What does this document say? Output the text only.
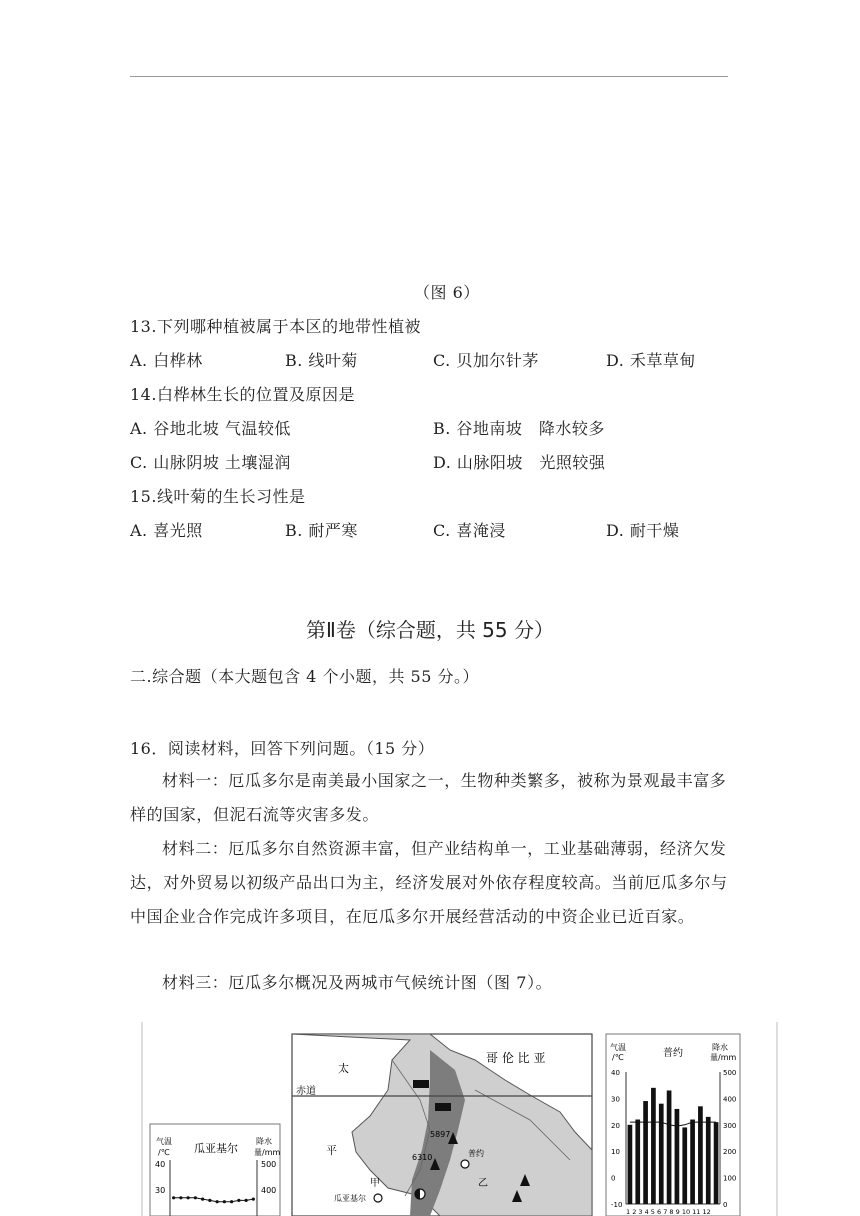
（图 6）
13.下列哪种植被属于本区的地带性植被
A. 白桦林	B. 线叶菊	C. 贝加尔针茅	D. 禾草草甸
14.白桦林生长的位置及原因是
A. 谷地北坡 气温较低	B. 谷地南坡　降水较多
C. 山脉阴坡 土壤湿润	D. 山脉阳坡　光照较强
15.线叶菊的生长习性是
A. 喜光照	B. 耐严寒	C. 喜淹浸	D. 耐干燥
第Ⅱ卷（综合题，共 55 分）
二.综合题（本大题包含 4 个小题，共 55 分。）
16．阅读材料，回答下列问题。（15 分）
材料一：厄瓜多尔是南美最小国家之一，生物种类繁多，被称为景观最丰富多样的国家，但泥石流等灾害多发。
材料二：厄瓜多尔自然资源丰富，但产业结构单一，工业基础薄弱，经济欠发达，对外贸易以初级产品出口为主，经济发展对外依存程度较高。当前厄瓜多尔与中国企业合作完成许多项目，在厄瓜多尔开展经营活动的中资企业已近百家。
材料三：厄瓜多尔概况及两城市气候统计图（图 7）。
气温
/℃ 瓜亚基尔
降水
量/mm
40
30
500
400
哥 伦 比 亚
太
平
赤道
5897
6310	普约
乙
甲
瓜亚基尔
气温
/℃	普约
降水
量/mm
40	500
30	400
20	300
10	200
0	100
-10	0
1 2 3 4 5 6 7 8 9 10 11 12
